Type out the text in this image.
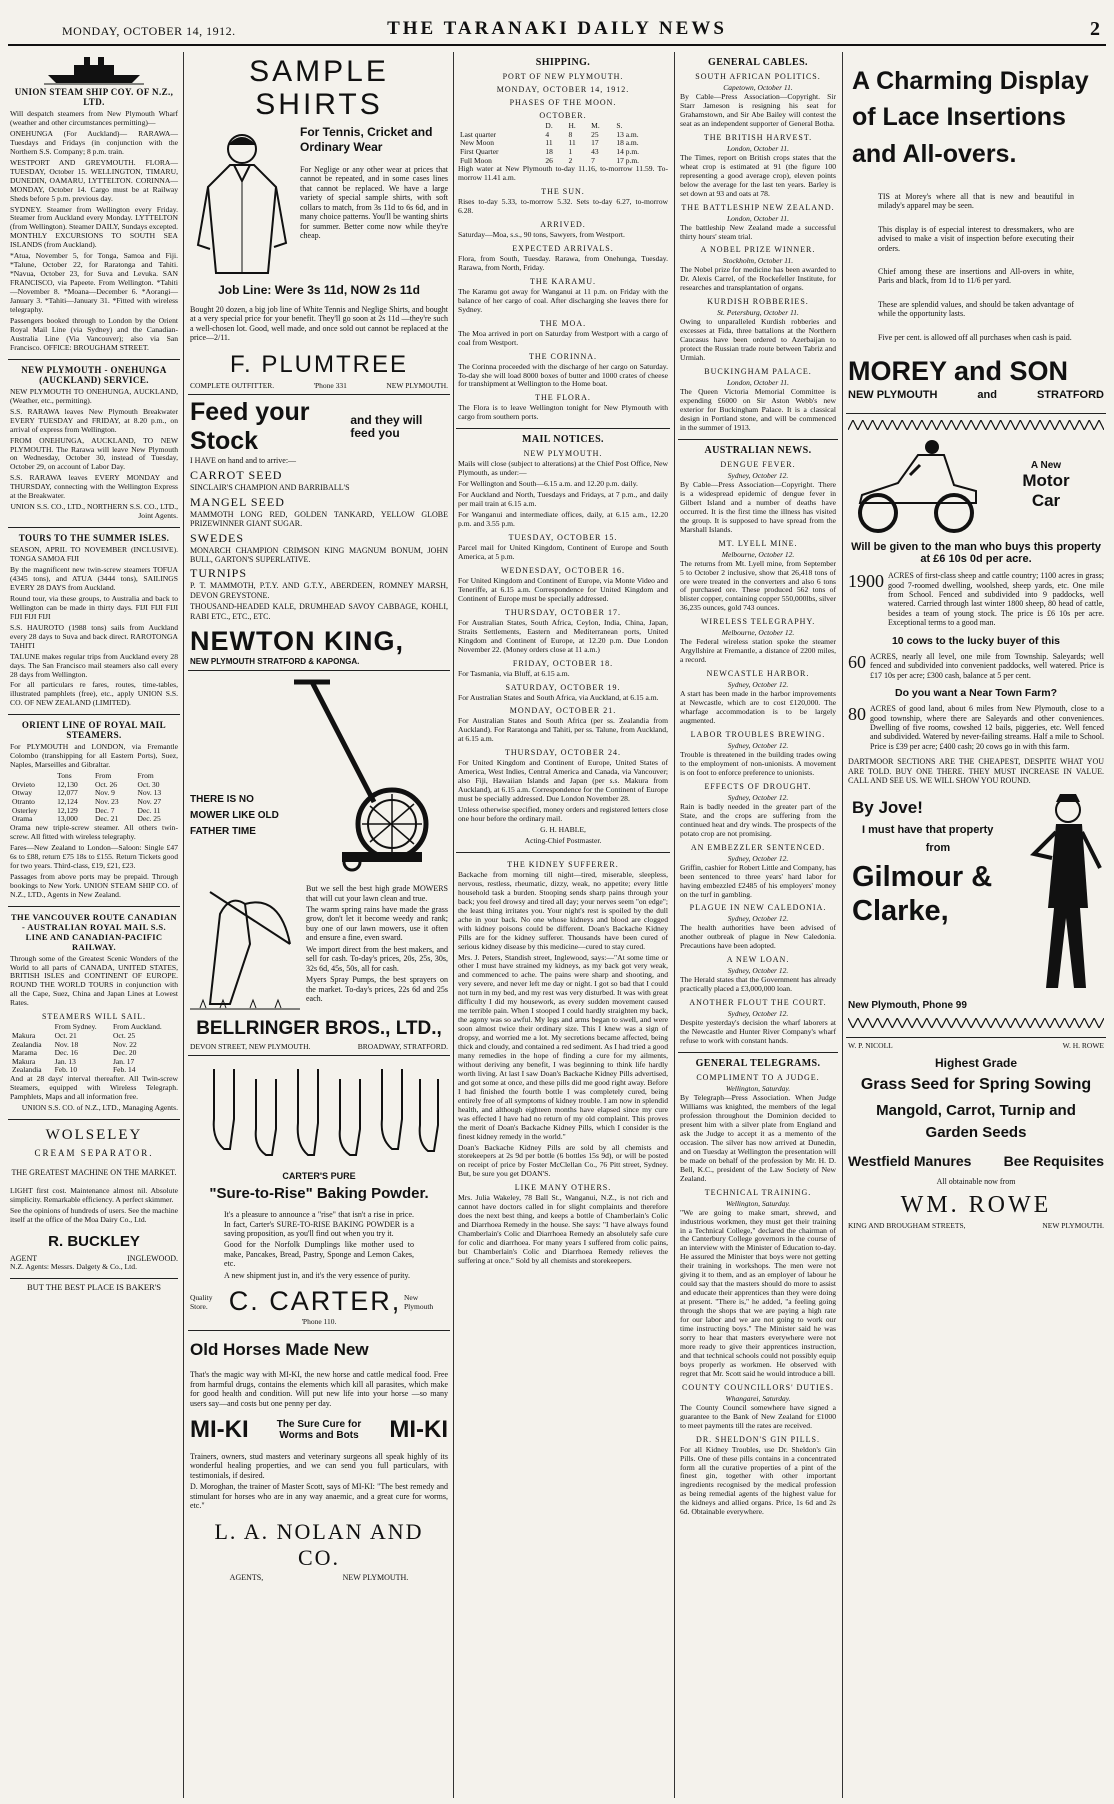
MONDAY, OCTOBER 14, 1912.	THE TARANAKI DAILY NEWS	2
UNION STEAM SHIP COY. OF N.Z., LTD.

Will despatch steamers from New Plymouth Wharf (weather and other circumstances permitting)—

ONEHUNGA (For Auckland)— RARAWA—Tuesdays and Fridays (in conjunction with the Northern S.S. Company; 8 p.m. train.

WESTPORT AND GREYMOUTH. FLORA—TUESDAY, October 15. WELLINGTON, TIMARU, DUNEDIN, OAMARU, LYTTELTON. CORINNA—MONDAY, October 14. Cargo must be at Railway Sheds before 5 p.m. previous day.

SYDNEY. Steamer from Wellington every Friday. Steamer from Auckland every Monday. LYTTELTON (from Wellington). Steamer DAILY, Sundays excepted. MONTHLY EXCURSIONS TO SOUTH SEA ISLANDS (from Auckland).

*Atua, November 5, for Tonga, Samoa and Fiji. *Talune, October 22, for Raratonga and Tahiti. *Navua, October 23, for Suva and Levuka. SAN FRANCISCO, via Papeete. From Wellington. *Tahiti—November 8. *Moana—December 6. *Aorangi—January 3. *Tahiti—January 31. *Fitted with wireless telegraphy.

Passengers booked through to London by the Orient Royal Mail Line (via Sydney) and the Canadian-Australia Line (Via Vancouver); also via San Francisco. OFFICE: BROUGHAM STREET.

NEW PLYMOUTH - ONEHUNGA (AUCKLAND) SERVICE.

NEW PLYMOUTH TO ONEHUNGA, AUCKLAND, (Weather, etc., permitting).

S.S. RARAWA leaves New Plymouth Breakwater EVERY TUESDAY and FRIDAY, at 8.20 p.m., on arrival of express from Wellington.

FROM ONEHUNGA, AUCKLAND, TO NEW PLYMOUTH. The Rarawa will leave New Plymouth on Wednesday, October 30, instead of Tuesday, October 29, on account of Labor Day.

S.S. RARAWA leaves EVERY MONDAY and THURSDAY, connecting with the Wellington Express at the Breakwater.

UNION S.S. CO., LTD., NORTHERN S.S. CO., LTD., Joint Agents.

TOURS TO THE SUMMER ISLES.

SEASON, APRIL TO NOVEMBER (INCLUSIVE). TONGA SAMOA FIJI

By the magnificent new twin-screw steamers TOFUA (4345 tons), and ATUA (3444 tons), SAILINGS EVERY 28 DAYS from Auckland.

Round tour, via these groups, to Australia and back to Wellington can be made in thirty days. FIJI FIJI FIJI FIJI FIJI FIJI

S.S. HAUROTO (1988 tons) sails from Auckland every 28 days to Suva and back direct. RAROTONGA TAHITI

TALUNE makes regular trips from Auckland every 28 days. The San Francisco mail steamers also call every 28 days from Wellington.

For all particulars re fares, routes, time-tables, illustrated pamphlets (free), etc., apply UNION S.S. CO. OF NEW ZEALAND (LIMITED).

ORIENT LINE OF ROYAL MAIL STEAMERS.

For PLYMOUTH and LONDON, via Fremantle Colombo (transhipping for all Eastern Ports), Suez, Naples, Marseilles and Gibraltar.

	Tons	From	From
Orvieto	12,130	Oct. 26	Oct. 30
Otway	12,077	Nov. 9	Nov. 13
Otranto	12,124	Nov. 23	Nov. 27
Osterley	12,129	Dec. 7	Dec. 11
Orama	13,000	Dec. 21	Dec. 25

Orama new triple-screw steamer. All others twin-screw. All fitted with wireless telegraphy.

Fares—New Zealand to London—Saloon: Single £47 6s to £88, return £75 18s to £155. Return Tickets good for two years. Third-class, £19, £21, £23.

Passages from above ports may be prepaid. Through bookings to New York. UNION STEAM SHIP CO. of N.Z., LTD., Agents in New Zealand.

THE VANCOUVER ROUTE CANADIAN - AUSTRALIAN ROYAL MAIL S.S. LINE AND CANADIAN-PACIFIC RAILWAY.

Through some of the Greatest Scenic Wonders of the World to all parts of CANADA, UNITED STATES, BRITISH ISLES and CONTINENT OF EUROPE. ROUND THE WORLD TOURS in conjunction with all the Cape, Suez, China and Japan Lines at Lowest Rates.

STEAMERS WILL SAIL.
	From Sydney.	From Auckland.
Makura	Oct. 21	Oct. 25
Zealandia	Nov. 18	Nov. 22
Marama	Dec. 16	Dec. 20
Makura	Jan. 13	Jan. 17
Zealandia	Feb. 10	Feb. 14

And at 28 days' interval thereafter. All Twin-screw Steamers, equipped with Wireless Telegraph. Pamphlets, Maps and all information free.

UNION S.S. CO. of N.Z., LTD., Managing Agents.

WOLSELEY
CREAM SEPARATOR.
THE GREATEST MACHINE ON THE MARKET.

LIGHT first cost. Maintenance almost nil. Absolute simplicity. Remarkable efficiency. A perfect skimmer.

See the opinions of hundreds of users. See the machine itself at the office of the Moa Dairy Co., Ltd.

R. BUCKLEY
AGENT	INGLEWOOD.

N.Z. Agents: Messrs. Dalgety & Co., Ltd.

BUT THE BEST PLACE IS BAKER'S
SAMPLE SHIRTS
For Tennis, Cricket and Ordinary Wear

For Neglige or any other wear at prices that cannot be repeated, and in some cases lines that cannot be replaced. We have a large variety of special sample shirts, with soft collars to match, from 3s 11d to 6s 6d, and in many choice patterns. You'll be wanting shirts for summer. Better come now while they're cheap.

Job Line: Were 3s 11d, NOW 2s 11d

Bought 20 dozen, a big job line of White Tennis and Neglige Shirts, and bought at a very special price for your benefit. They'll go soon at 2s 11d —they're such a well-chosen lot. Good, well made, and once sold out cannot be replaced at the price—2/11.

F. PLUMTREE
COMPLETE OUTFITTER.	'Phone 331	NEW PLYMOUTH.
Feed your Stock
and they will feed you

I HAVE on hand and to arrive:—

CARROT SEED

SINCLAIR'S CHAMPION AND BARRIBALL'S

MANGEL SEED

MAMMOTH LONG RED, GOLDEN TANKARD, YELLOW GLOBE PRIZEWINNER GIANT SUGAR.

SWEDES

MONARCH CHAMPION CRIMSON KING MAGNUM BONUM, JOHN BULL, GARTON'S SUPERLATIVE.

TURNIPS

P. T. MAMMOTH, P.T.Y. AND G.T.Y., ABERDEEN, ROMNEY MARSH, DEVON GREYSTONE.

THOUSAND-HEADED KALE, DRUMHEAD SAVOY CABBAGE, KOHLI, RABI ETC., ETC., ETC.

NEWTON KING,
NEW PLYMOUTH STRATFORD & KAPONGA.
THERE IS NO MOWER LIKE OLD FATHER TIME

But we sell the best high grade MOWERS that will cut your lawn clean and true.

The warm spring rains have made the grass grow, don't let it become weedy and rank; buy one of our lawn mowers, use it often and ensure a fine, even sward.

We import direct from the best makers, and sell for cash. To-day's prices, 20s, 25s, 30s, 32s 6d, 45s, 50s, all for cash.

Myers Spray Pumps, the best sprayers on the market. To-day's prices, 22s 6d and 25s each.

BELLRINGER BROS., LTD.,
DEVON STREET, NEW PLYMOUTH.	BROADWAY, STRATFORD.
CARTER'S PURE
"Sure-to-Rise" Baking Powder.

It's a pleasure to announce a "rise" that isn't a rise in price. In fact, Carter's SURE-TO-RISE BAKING POWDER is a saving proposition, as you'll find out when you try it.

Good for the Norfolk Dumplings like mother used to make, Pancakes, Bread, Pastry, Sponge and Lemon Cakes, etc.

A new shipment just in, and it's the very essence of purity.

Quality Store. C. CARTER, New Plymouth
'Phone 110.
Old Horses Made New

That's the magic way with MI-KI, the new horse and cattle medical food. Free from harmful drugs, contains the elements which kill all parasites, which make for good health and condition. Will put new life into your horse —so many users say—and costs but one penny per day.

MI-KI	The Sure Cure for Worms and Bots MI-KI

Trainers, owners, stud masters and veterinary surgeons all speak highly of its wonderful healing properties, and we can send you full particulars, with testimonials, if desired.

D. Moroghan, the trainer of Master Scott, says of MI-KI: "The best remedy and stimulant for horses who are in any way anaemic, and a great cure for worms, etc."

L. A. NOLAN AND CO.
AGENTS,	NEW PLYMOUTH.
SHIPPING.
PORT OF NEW PLYMOUTH.
MONDAY, OCTOBER 14, 1912.
PHASES OF THE MOON.
OCTOBER.
	D.	H.	M.	S.
Last quarter	4	8	25	13 a.m.
New Moon	11	11	17	18 a.m.
First Quarter	18	1	43	14 p.m.
Full Moon	26	2	7	17 p.m.

High water at New Plymouth to-day 11.16, to-morrow 11.59. To-morrow 11.41 a.m.

THE SUN.

Rises to-day 5.33, to-morrow 5.32. Sets to-day 6.27, to-morrow 6.28.

ARRIVED.

Saturday—Moa, s.s., 90 tons, Sawyers, from Westport.

EXPECTED ARRIVALS.

Flora, from South, Tuesday. Rarawa, from Onehunga, Tuesday. Rarawa, from North, Friday.

THE KARAMU.

The Karamu got away for Wanganui at 11 p.m. on Friday with the balance of her cargo of coal. After discharging she leaves there for Sydney.

THE MOA.

The Moa arrived in port on Saturday from Westport with a cargo of coal from Westport.

THE CORINNA.

The Corinna proceeded with the discharge of her cargo on Saturday. To-day she will load 8000 boxes of butter and 1000 crates of cheese for transhipment at Wellington to the Home boat.

THE FLORA.

The Flora is to leave Wellington tonight for New Plymouth with cargo from southern ports.

MAIL NOTICES.
NEW PLYMOUTH.

Mails will close (subject to alterations) at the Chief Post Office, New Plymouth, as under:—

For Wellington and South—6.15 a.m. and 12.20 p.m. daily.

For Auckland and North, Tuesdays and Fridays, at 7 p.m., and daily per mail train at 6.15 a.m.

For Wanganui and intermediate offices, daily, at 6.15 a.m., 12.20 p.m. and 3.55 p.m.

TUESDAY, OCTOBER 15.

Parcel mail for United Kingdom, Continent of Europe and South America, at 5 p.m.

WEDNESDAY, OCTOBER 16.

For United Kingdom and Continent of Europe, via Monte Video and Teneriffe, at 6.15 a.m. Correspondence for United Kingdom and Continent of Europe must be specially addressed.

THURSDAY, OCTOBER 17.

For Australian States, South Africa, Ceylon, India, China, Japan, Straits Settlements, Eastern and Mediterranean ports, United Kingdom and Continent of Europe, at 12.20 p.m. Due London November 22. (Money orders close at 11 a.m.)

FRIDAY, OCTOBER 18.

For Tasmania, via Bluff, at 6.15 a.m.

SATURDAY, OCTOBER 19.

For Australian States and South Africa, via Auckland, at 6.15 a.m.

MONDAY, OCTOBER 21.

For Australian States and South Africa (per ss. Zealandia from Auckland). For Raratonga and Tahiti, per ss. Talune, from Auckland, at 6.15 a.m.

THURSDAY, OCTOBER 24.

For United Kingdom and Continent of Europe, United States of America, West Indies, Central America and Canada, via Vancouver; also Fiji, Hawaiian Islands and Japan (per s.s. Makura from Auckland), at 6.15 a.m. Correspondence for the Continent of Europe must be specially addressed. Due London November 28.

Unless otherwise specified, money orders and registered letters close one hour before the ordinary mail.

G. H. HABLE,

Acting-Chief Postmaster.

THE KIDNEY SUFFERER.

Backache from morning till night—tired, miserable, sleepless, nervous, restless, rheumatic, dizzy, weak, no appetite; every little household task a burden. Stooping sends sharp pains through your back; you feel drowsy and tired all day; your nerves seem "on edge"; the least thing irritates you. Your night's rest is spoiled by the dull ache in your back. No one whose kidneys and blood are clogged with kidney poisons could be different. Doan's Backache Kidney Pills are for the kidney sufferer. Thousands have been cured of serious kidney disease by this medicine—cured to stay cured.

Mrs. J. Peters, Standish street, Inglewood, says:—"At some time or other I must have strained my kidneys, as my back got very weak, and commenced to ache. The pains were sharp and shooting, and very severe, and never left me day or night. I got so bad that I could not turn in my bed, and my rest was very disturbed. It was with great difficulty I did my housework, as every sudden movement caused me terrible pain. When I stooped I could hardly straighten my back, the agony was so awful. My legs and arms began to swell, and were soon almost twice their ordinary size. This I knew was a sign of dropsy, and worried me a lot. My secretions became affected, being thick and cloudy, and contained a red sediment. As I had tried a good many remedies in the hope of finding a cure for my ailments, without deriving any benefit, I was beginning to think life hardly worth living. At last I saw Doan's Backache Kidney Pills advertised, and got some at once, and these pills did me good right away. Before I had finished the fourth bottle I was completely cured, being entirely free of all symptoms of kidney trouble. I am now in splendid health, and although eighteen months have elapsed since my cure was effected I have had no return of my old complaint. This proves the merit of Doan's Backache Kidney Pills, which I consider is the finest kidney remedy in the world."

Doan's Backache Kidney Pills are sold by all chemists and storekeepers at 2s 9d per bottle (6 bottles 15s 9d), or will be posted on receipt of price by Foster McClellan Co., 76 Pitt street, Sydney. But, be sure you get DOAN'S.

LIKE MANY OTHERS.

Mrs. Julia Wakeley, 78 Ball St., Wanganui, N.Z., is not rich and cannot have doctors called in for slight complaints and therefore does the next best thing, and keeps a bottle of Chamberlain's Colic and Diarrhoea Remedy in the house. She says: "I have always found Chamberlain's Colic and Diarrhoea Remedy an absolutely safe cure for colic and diarrhoea. For many years I suffered from colic pains, but Chamberlain's Colic and Diarrhoea Remedy relieves the suffering at once." Sold by all chemists and storekeepers.

GENERAL CABLES.
SOUTH AFRICAN POLITICS.
Capetown, October 11.

By Cable—Press Association—Copyright. Sir Starr Jameson is resigning his seat for Grahamstown, and Sir Abe Bailey will contest the seat as an independent supporter of General Botha.

THE BRITISH HARVEST.
London, October 11.

The Times, report on British crops states that the wheat crop is estimated at 91 (the figure 100 representing a good average crop), eleven points below the average for the last ten years. Barley is set down at 93 and oats at 78.

THE BATTLESHIP NEW ZEALAND.
London, October 11.

The battleship New Zealand made a successful thirty hours' steam trial.

A NOBEL PRIZE WINNER.
Stockholm, October 11.

The Nobel prize for medicine has been awarded to Dr. Alexis Carrel, of the Rockefeller Institute, for researches and transplantation of organs.

KURDISH ROBBERIES.
St. Petersburg, October 11.

Owing to unparalleled Kurdish robberies and excesses at Fida, three battalions at the Northern Caucasus have been ordered to Azerbaijan to protect the Russian trade route between Tabriz and Urmiah.

BUCKINGHAM PALACE.
London, October 11.

The Queen Victoria Memorial Committee is expending £6000 on Sir Aston Webb's new exterior for Buckingham Palace. It is a classical design in Portland stone, and will be commenced in the summer of 1913.

AUSTRALIAN NEWS.
DENGUE FEVER.
Sydney, October 12.

By Cable—Press Association—Copyright. There is a widespread epidemic of dengue fever in Gilbert Island and a number of deaths have occurred. It is the first time the illness has visited the group. It is supposed to have spread from the Marshall Islands.

MT. LYELL MINE.
Melbourne, October 12.

The returns from Mt. Lyell mine, from September 5 to October 2 inclusive, show that 26,418 tons of ore were treated in the converters and also 6 tons of purchased ore. These produced 562 tons of blister copper, containing copper 550,000lbs, silver 36,235 ounces, gold 743 ounces.

WIRELESS TELEGRAPHY.
Melbourne, October 12.

The Federal wireless station spoke the steamer Argyllshire at Fremantle, a distance of 2200 miles, a record.

NEWCASTLE HARBOR.
Sydney, October 12.

A start has been made in the harbor improvements at Newcastle, which are to cost £120,000. The wharfage accommodation is to be largely augmented.

LABOR TROUBLES BREWING.
Sydney, October 12.

Trouble is threatened in the building trades owing to the employment of non-unionists. A movement is on foot to enforce preference to unionists.

EFFECTS OF DROUGHT.
Sydney, October 12.

Rain is badly needed in the greater part of the State, and the crops are suffering from the continued heat and dry winds. The prospects of the potato crop are not promising.

AN EMBEZZLER SENTENCED.
Sydney, October 12.

Griffin, cashier for Robert Little and Company, has been sentenced to three years' hard labor for having embezzled £2485 of his employers' money on the turf in gambling.

PLAGUE IN NEW CALEDONIA.
Sydney, October 12.

The health authorities have been advised of another outbreak of plague in New Caledonia. Precautions have been adopted.

A NEW LOAN.
Sydney, October 12.

The Herald states that the Government has already practically placed a £3,000,000 loan.

ANOTHER FLOUT THE COURT.
Sydney, October 12.

Despite yesterday's decision the wharf laborers at the Newcastle and Hunter River Company's wharf refuse to work with constant hands.

GENERAL TELEGRAMS.
COMPLIMENT TO A JUDGE.
Wellington, Saturday.

By Telegraph—Press Association. When Judge Williams was knighted, the members of the legal profession throughout the Dominion decided to present him with a silver plate from England and ask the Judge to accept it as a memento of the occasion. The silver has now arrived at Dunedin, and on Tuesday at Wellington the presentation will be made on behalf of the profession by Mr. H. D. Bell, K.C., president of the Law Society of New Zealand.

TECHNICAL TRAINING.
Wellington, Saturday.

"We are going to make smart, shrewd, and industrious workmen, they must get their training in a Technical College," declared the chairman of the Canterbury College governors in the course of an interview with the Minister of Education to-day. He assured the Minister that boys were not getting their training in workshops. The men were not giving it to them, and as an employer of labour he could say that the masters should do more to assist and educate their apprentices than they were doing at present. "There is," he added, "a feeling going through the shops that we are paying a high rate for our labor and we are not going to work our time instructing boys." The Minister said he was sorry to hear that masters everywhere were not more ready to give their apprentices instruction, and that technical schools could not possibly equip boys properly as workmen. He observed with regret that Mr. Scott said he would introduce a bill.

COUNTY COUNCILLORS' DUTIES.
Whangarei, Saturday.

The County Council somewhere have signed a guarantee to the Bank of New Zealand for £1000 to meet payments till the rates are received.

DR. SHELDON'S GIN PILLS.

For all Kidney Troubles, use Dr. Sheldon's Gin Pills. One of these pills contains in a concentrated form all the curative properties of a pint of the finest gin, together with other important ingredients recognised by the medical profession as being remedial agents of the highest value for the kidneys and allied organs. Price, 1s 6d and 2s 6d. Obtainable everywhere.

A Charming Display of Lace Insertions and All-overs.

TIS at Morey's where all that is new and beautiful in milady's apparel may be seen.

This display is of especial interest to dressmakers, who are advised to make a visit of inspection before executing their orders.

Chief among these are insertions and All-overs in white, Paris and black, from 1d to 11/6 per yard.

These are splendid values, and should be taken advantage of while the opportunity lasts.

Five per cent. is allowed off all purchases when cash is paid.

MOREY and SON
NEW PLYMOUTH	and	STRATFORD
A New
Motor
Car
Will be given to the man who buys this property at £6 10s 0d per acre.
1900 ACRES of first-class sheep and cattle country; 1100 acres in grass; good 7-roomed dwelling, woolshed, sheep yards, etc. One mile from School. Fenced and subdivided into 9 paddocks, well watered. Carried through last winter 1800 sheep, 80 head of cattle, besides a team of young stock. The price is £6 10s per acre. Exceptional terms to a good man.

10 cows to the lucky buyer of this
60 ACRES, nearly all level, one mile from Township. Saleyards; well fenced and subdivided into convenient paddocks, well watered. Price is £17 10s per acre; £300 cash, balance at 5 per cent.

Do you want a Near Town Farm?
80 ACRES of good land, about 6 miles from New Plymouth, close to a good township, where there are Saleyards and other conveniences. Dwelling of five rooms, cowshed 12 bails, piggeries, etc. Well fenced and subdivided. Watered by never-failing streams. Half a mile to School. Price is £39 per acre; £400 cash; 20 cows go in with this farm.

DARTMOOR SECTIONS ARE THE CHEAPEST, DESPITE WHAT YOU ARE TOLD. BUY ONE THERE. THEY MUST INCREASE IN VALUE. CALL AND SEE US. WE WILL SHOW YOU ROUND.

By Jove!
I must have that property
from
Gilmour & Clarke,
New Plymouth, Phone 99
W. P. NICOLL	W. H. ROWE
Highest Grade
Grass Seed for Spring Sowing
Mangold, Carrot, Turnip and Garden Seeds
Westfield Manures Bee Requisites
All obtainable now from
WM. ROWE
KING AND BROUGHAM STREETS,	NEW PLYMOUTH.
